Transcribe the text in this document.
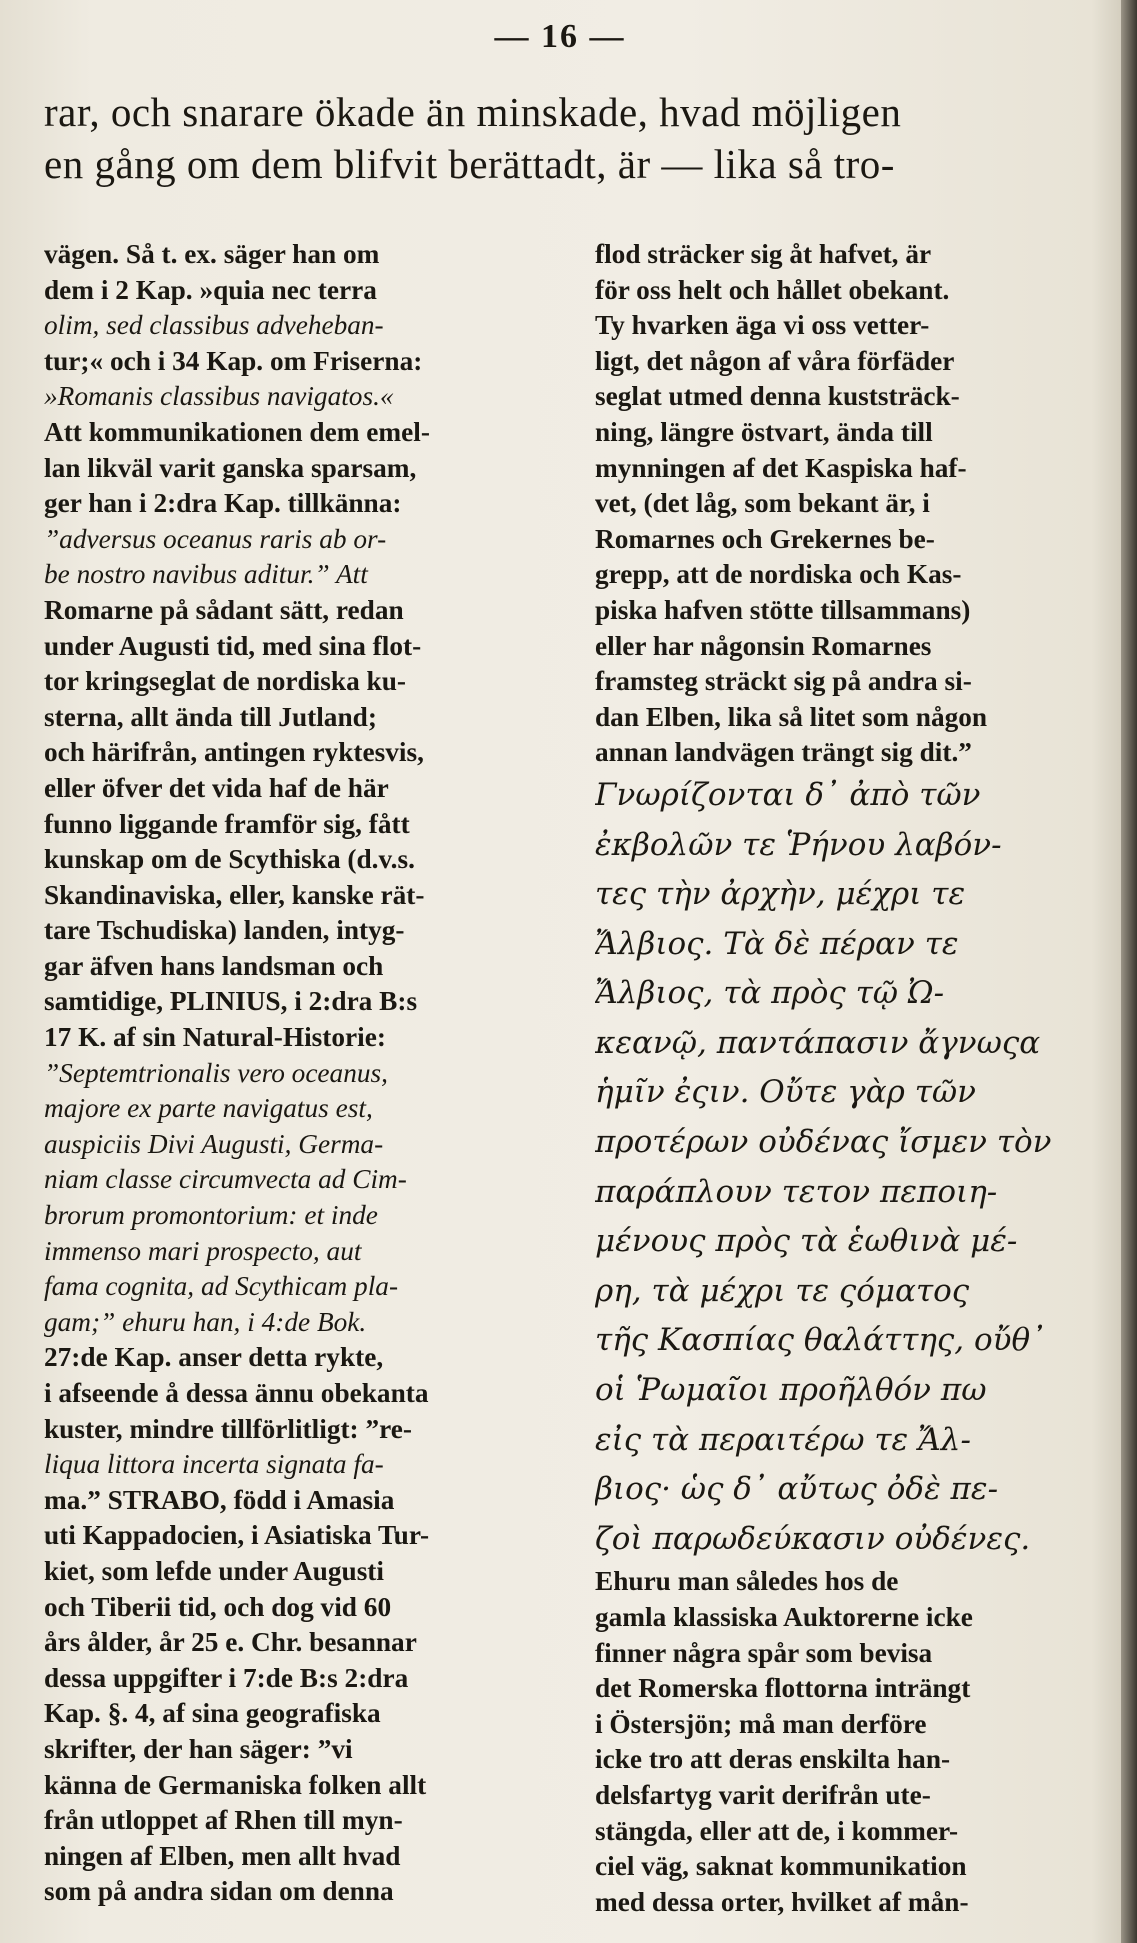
— 16 —
rar, och snarare ökade än minskade, hvad möjligen
en gång om dem blifvit berättadt, är — lika så tro-
vägen. Så t. ex. säger han om
dem i 2 Kap. »quia nec terra
olim, sed classibus adveheban-
tur;« och i 34 Kap. om Friserna:
»Romanis classibus navigatos.«
Att kommunikationen dem emel-
lan likväl varit ganska sparsam,
ger han i 2:dra Kap. tillkänna:
”adversus oceanus raris ab or-
be nostro navibus aditur.” Att
Romarne på sådant sätt, redan
under Augusti tid, med sina flot-
tor kringseglat de nordiska ku-
sterna, allt ända till Jutland;
och härifrån, antingen ryktesvis,
eller öfver det vida haf de här
funno liggande framför sig, fått
kunskap om de Scythiska (d.v.s.
Skandinaviska, eller, kanske rät-
tare Tschudiska) landen, intyg-
gar äfven hans landsman och
samtidige, PLINIUS, i 2:dra B:s
17 K. af sin Natural-Historie:
”Septemtrionalis vero oceanus,
majore ex parte navigatus est,
auspiciis Divi Augusti, Germa-
niam classe circumvecta ad Cim-
brorum promontorium: et inde
immenso mari prospecto, aut
fama cognita, ad Scythicam pla-
gam;” ehuru han, i 4:de Bok.
27:de Kap. anser detta rykte,
i afseende å dessa ännu obekanta
kuster, mindre tillförlitligt: ”re-
liqua littora incerta signata fa-
ma.” STRABO, född i Amasia
uti Kappadocien, i Asiatiska Tur-
kiet, som lefde under Augusti
och Tiberii tid, och dog vid 60
års ålder, år 25 e. Chr. besannar
dessa uppgifter i 7:de B:s 2:dra
Kap. §. 4, af sina geografiska
skrifter, der han säger: ”vi
känna de Germaniska folken allt
från utloppet af Rhen till myn-
ningen af Elben, men allt hvad
som på andra sidan om denna
flod sträcker sig åt hafvet, är
för oss helt och hållet obekant.
Ty hvarken äga vi oss vetter-
ligt, det någon af våra förfäder
seglat utmed denna kuststräck-
ning, längre östvart, ända till
mynningen af det Kaspiska haf-
vet, (det låg, som bekant är, i
Romarnes och Grekernes be-
grepp, att de nordiska och Kas-
piska hafven stötte tillsammans)
eller har någonsin Romarnes
framsteg sträckt sig på andra si-
dan Elben, lika så litet som någon
annan landvägen trängt sig dit.”
Γνωρίζονται δ᾽ ἀπὸ τῶν
ἐκβολῶν τε Ῥήνου λαβόν-
τες τὴν ἀρχὴν, μέχρι τε
Ἄλβιος. Τὰ δὲ πέραν τε
Ἄλβιος, τὰ πρὸς τῷ Ὠ-
κεανῷ, παντάπασιν ἄγνωςα
ἡμῖν ἐςιν. Οὔτε γὰρ τῶν
προτέρων οὐδένας ἴσμεν τὸν
παράπλουν τετον πεποιη-
μένους πρὸς τὰ ἑωθινὰ μέ-
ρη, τὰ μέχρι τε ςόματος
τῆς Κασπίας θαλάττης, οὔθ᾽
οἱ Ῥωμαῖοι προῆλθόν πω
εἰς τὰ περαιτέρω τε Ἄλ-
βιος· ὡς δ᾽ αὔτως ὀδὲ πε-
ζοὶ παρωδεύκασιν οὐδένες.
Ehuru man således hos de
gamla klassiska Auktorerne icke
finner några spår som bevisa
det Romerska flottorna inträngt
i Östersjön; må man derföre
icke tro att deras enskilta han-
delsfartyg varit derifrån ute-
stängda, eller att de, i kommer-
ciel väg, saknat kommunikation
med dessa orter, hvilket af mån-
